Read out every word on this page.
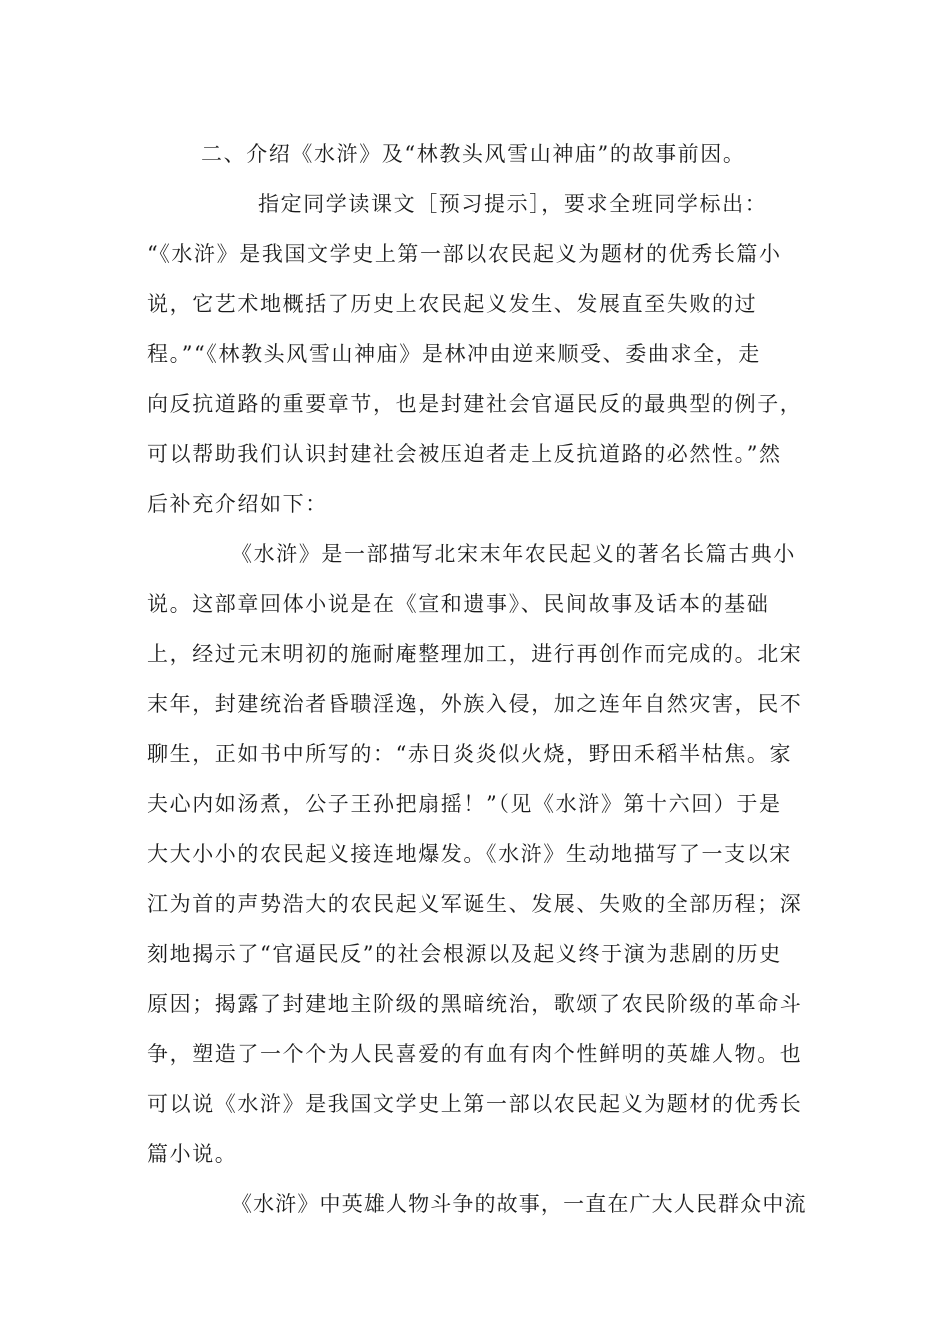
二、介绍《水浒》及“林教头风雪山神庙”的故事前因。
指定同学读课文［预习提示］，要求全班同学标出：
“《水浒》是我国文学史上第一部以农民起义为题材的优秀长篇小
说，它艺术地概括了历史上农民起义发生、发展直至失败的过
程。”“《林教头风雪山神庙》是林冲由逆来顺受、委曲求全，走
向反抗道路的重要章节，也是封建社会官逼民反的最典型的例子，
可以帮助我们认识封建社会被压迫者走上反抗道路的必然性。”然
后补充介绍如下：
《水浒》是一部描写北宋末年农民起义的著名长篇古典小
说。这部章回体小说是在《宣和遗事》、民间故事及话本的基础
上，经过元末明初的施耐庵整理加工，进行再创作而完成的。北宋
末年，封建统治者昏聩淫逸，外族入侵，加之连年自然灾害，民不
聊生，正如书中所写的：“赤日炎炎似火烧，野田禾稻半枯焦。家
夫心内如汤煮，公子王孙把扇摇！”（见《水浒》第十六回）于是
大大小小的农民起义接连地爆发。《水浒》生动地描写了一支以宋
江为首的声势浩大的农民起义军诞生、发展、失败的全部历程；深
刻地揭示了“官逼民反”的社会根源以及起义终于演为悲剧的历史
原因；揭露了封建地主阶级的黑暗统治，歌颂了农民阶级的革命斗
争，塑造了一个个为人民喜爱的有血有肉个性鲜明的英雄人物。也
可以说《水浒》是我国文学史上第一部以农民起义为题材的优秀长
篇小说。
《水浒》中英雄人物斗争的故事，一直在广大人民群众中流
